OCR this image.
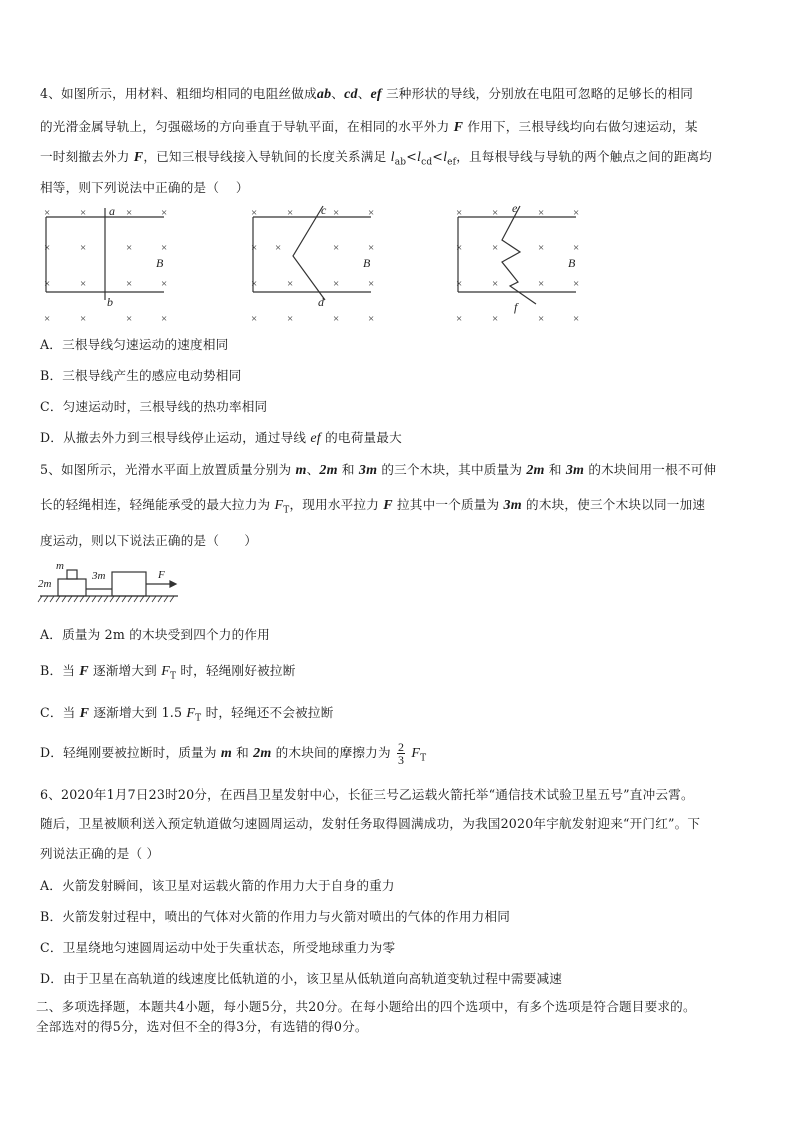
4、如图所示，用材料、粗细均相同的电阻丝做成ab、cd、ef 三种形状的导线，分别放在电阻可忽略的足够长的相同
的光滑金属导轨上，匀强磁场的方向垂直于导轨平面，在相同的水平外力 F 作用下，三根导线均向右做匀速运动，某
一时刻撤去外力 F，已知三根导线接入导轨间的长度关系满足 $l_{ab}<l_{cd}<l_{ef}$，且每根导线与导轨的两个触点之间的距离均
相等，则下列说法中正确的是（    ）
×	×	×	×
×	×	×	×
×	×	×	×
×	×	×	×
a
b
B
×	×	×	×
× ×	×	×
×	×	×	×
×	×	×	×
c
d
B
×	×	×	×
×	×	×	×
×	×	×	×
×	×	×	×
e
f
B
A．三根导线匀速运动的速度相同
B．三根导线产生的感应电动势相同
C．匀速运动时，三根导线的热功率相同
D．从撤去外力到三根导线停止运动，通过导线 ef 的电荷量最大
5、如图所示，光滑水平面上放置质量分别为 m、2m 和 3m 的三个木块，其中质量为 2m 和 3m 的木块间用一根不可伸
长的轻绳相连，轻绳能承受的最大拉力为 $F_T$，现用水平拉力 F 拉其中一个质量为 3m 的木块，使三个木块以同一加速
度运动，则以下说法正确的是（      ）
m
2m
3m	F
A．质量为 2m 的木块受到四个力的作用
B．当 F 逐渐增大到 $F_T$ 时，轻绳刚好被拉断
C．当 F 逐渐增大到 1.5 $F_T$ 时，轻绳还不会被拉断
D．轻绳刚要被拉断时，质量为 m 和 2m 的木块间的摩擦力为 $\frac{2}{3} F_T$
6、2020年1月7日23时20分，在西昌卫星发射中心，长征三号乙运载火箭托举“通信技术试验卫星五号”直冲云霄。
随后，卫星被顺利送入预定轨道做匀速圆周运动，发射任务取得圆满成功，为我国2020年宇航发射迎来“开门红”。下
列说法正确的是（ ）
A．火箭发射瞬间，该卫星对运载火箭的作用力大于自身的重力
B．火箭发射过程中，喷出的气体对火箭的作用力与火箭对喷出的气体的作用力相同
C．卫星绕地匀速圆周运动中处于失重状态，所受地球重力为零
D．由于卫星在高轨道的线速度比低轨道的小，该卫星从低轨道向高轨道变轨过程中需要减速
二、多项选择题，本题共4小题，每小题5分，共20分。在每小题给出的四个选项中，有多个选项是符合题目要求的。
全部选对的得5分，选对但不全的得3分，有选错的得0分。
